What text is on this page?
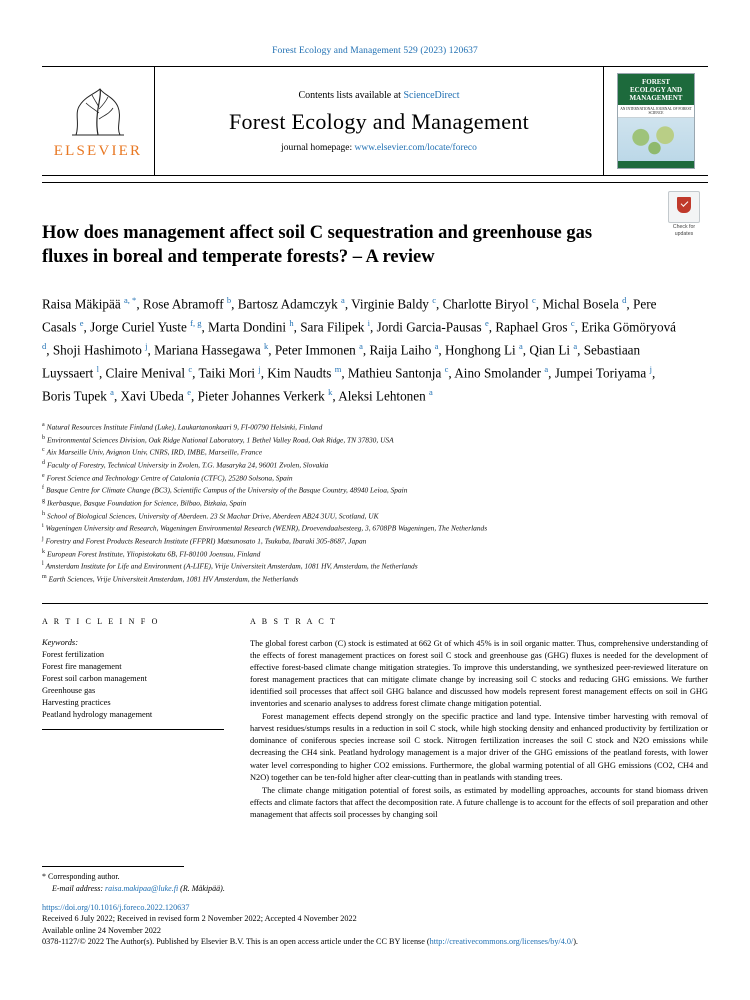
Forest Ecology and Management 529 (2023) 120637
ELSEVIER
Contents lists available at ScienceDirect
Forest Ecology and Management
journal homepage: www.elsevier.com/locate/foreco
FOREST
ECOLOGY AND
MANAGEMENT
AN INTERNATIONAL JOURNAL OF FOREST SCIENCE
Check for
updates
How does management affect soil C sequestration and greenhouse gas fluxes in boreal and temperate forests? – A review
Raisa Mäkipää $^{a, *}$, Rose Abramoff $^b$, Bartosz Adamczyk $^a$, Virginie Baldy $^c$, Charlotte Biryol $^c$, Michal Bosela $^d$, Pere Casals $^e$, Jorge Curiel Yuste $^{f, g}$, Marta Dondini $^h$, Sara Filipek $^i$, Jordi Garcia-Pausas $^e$, Raphael Gros $^c$, Erika Gömöryová $^d$, Shoji Hashimoto $^j$, Mariana Hassegawa $^k$, Peter Immonen $^a$, Raija Laiho $^a$, Honghong Li $^a$, Qian Li $^a$, Sebastiaan Luyssaert $^l$, Claire Menival $^c$, Taiki Mori $^j$, Kim Naudts $^m$, Mathieu Santonja $^c$, Aino Smolander $^a$, Jumpei Toriyama $^j$, Boris Tupek $^a$, Xavi Ubeda $^e$, Pieter Johannes Verkerk $^k$, Aleksi Lehtonen $^a$
$^a$ Natural Resources Institute Finland (Luke), Laukartanonkaari 9, FI-00790 Helsinki, Finland
$^b$ Environmental Sciences Division, Oak Ridge National Laboratory, 1 Bethel Valley Road, Oak Ridge, TN 37830, USA
$^c$ Aix Marseille Univ, Avignon Univ, CNRS, IRD, IMBE, Marseille, France
$^d$ Faculty of Forestry, Technical University in Zvolen, T.G. Masaryka 24, 96001 Zvolen, Slovakia
$^e$ Forest Science and Technology Centre of Catalonia (CTFC), 25280 Solsona, Spain
$^f$ Basque Centre for Climate Change (BC3), Scientific Campus of the University of the Basque Country, 48940 Leioa, Spain
$^g$ Ikerbasque, Basque Foundation for Science, Bilbao, Bizkaia, Spain
$^h$ School of Biological Sciences, University of Aberdeen. 23 St Machar Drive, Aberdeen AB24 3UU, Scotland, UK
$^i$ Wageningen University and Research, Wageningen Environmental Research (WENR), Droevendaalsesteeg, 3, 6708PB Wageningen, The Netherlands
$^j$ Forestry and Forest Products Research Institute (FFPRI) Matsunosato 1, Tsukuba, Ibaraki 305-8687, Japan
$^k$ European Forest Institute, Yliopistokatu 6B, FI-80100 Joensuu, Finland
$^l$ Amsterdam Institute for Life and Environment (A-LIFE), Vrije Universiteit Amsterdam, 1081 HV, Amsterdam, the Netherlands
$^m$ Earth Sciences, Vrije Universiteit Amsterdam, 1081 HV Amsterdam, the Netherlands
A R T I C L E I N F O
Keywords:
Forest fertilization
Forest fire management
Forest soil carbon management
Greenhouse gas
Harvesting practices
Peatland hydrology management
A B S T R A C T

The global forest carbon (C) stock is estimated at 662 Gt of which 45% is in soil organic matter. Thus, comprehensive understanding of the effects of forest management practices on forest soil C stock and greenhouse gas (GHG) fluxes is needed for the development of effective forest-based climate change mitigation strategies. To improve this understanding, we synthesized peer-reviewed literature on forest management practices that can mitigate climate change by increasing soil C stocks and reducing GHG emissions. We further identified soil processes that affect soil GHG balance and discussed how models represent forest management effects on soil in GHG inventories and scenario analyses to address forest climate change mitigation potential.

Forest management effects depend strongly on the specific practice and land type. Intensive timber harvesting with removal of harvest residues/stumps results in a reduction in soil C stock, while high stocking density and enhanced productivity by fertilization or dominance of coniferous species increase soil C stock. Nitrogen fertilization increases the soil C stock and N2O emissions while decreasing the CH4 sink. Peatland hydrology management is a major driver of the GHG emissions of the peatland forests, with lower water level corresponding to higher CO2 emissions. Furthermore, the global warming potential of all GHG emissions (CO2, CH4 and N2O) together can be ten-fold higher after clear-cutting than in peatlands with standing trees.

The climate change mitigation potential of forest soils, as estimated by modelling approaches, accounts for stand biomass driven effects and climate factors that affect the decomposition rate. A future challenge is to account for the effects of soil preparation and other management that affects soil processes by changing soil

* Corresponding author.
E-mail address: raisa.makipaa@luke.fi (R. Mäkipää).
https://doi.org/10.1016/j.foreco.2022.120637
Received 6 July 2022; Received in revised form 2 November 2022; Accepted 4 November 2022
Available online 24 November 2022
0378-1127/© 2022 The Author(s). Published by Elsevier B.V. This is an open access article under the CC BY license (http://creativecommons.org/licenses/by/4.0/).
